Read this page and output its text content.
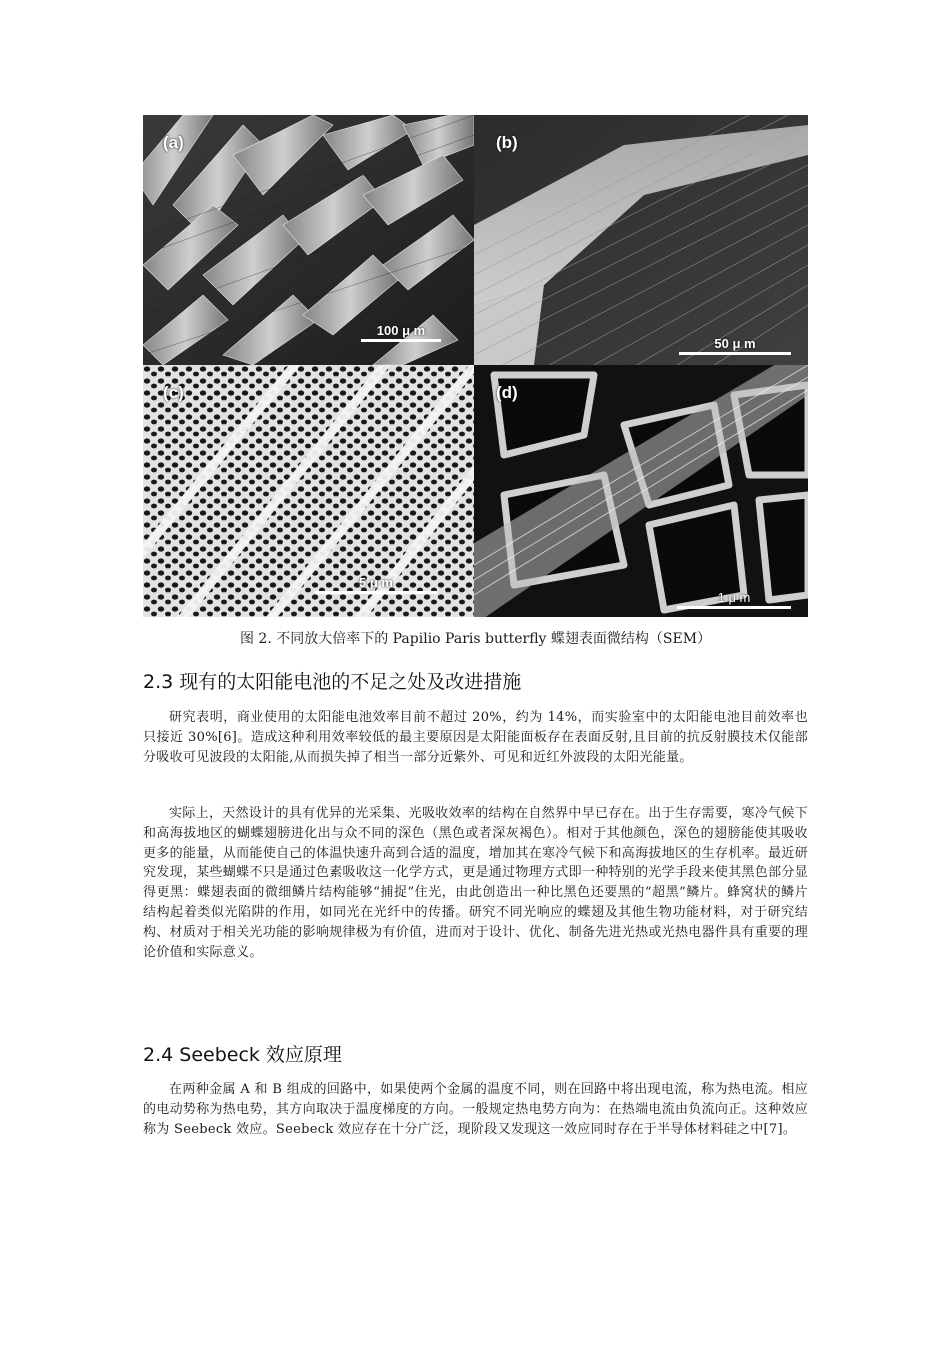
(a)
100 μ m
(b)
50 μ m
(c)
5 μ m
(d)
1 μ m
图 2. 不同放大倍率下的 Papilio Paris butterfly 蝶翅表面微结构（SEM）
2.3 现有的太阳能电池的不足之处及改进措施

研究表明，商业使用的太阳能电池效率目前不超过 20%，约为 14%，而实验室中的太阳能电池目前效率也只接近 30%[6]。造成这种利用效率较低的最主要原因是太阳能面板存在表面反射,且目前的抗反射膜技术仅能部分吸收可见波段的太阳能,从而损失掉了相当一部分近紫外、可见和近红外波段的太阳光能量。

实际上，天然设计的具有优异的光采集、光吸收效率的结构在自然界中早已存在。出于生存需要，寒冷气候下和高海拔地区的蝴蝶翅膀进化出与众不同的深色（黑色或者深灰褐色）。相对于其他颜色，深色的翅膀能使其吸收更多的能量，从而能使自己的体温快速升高到合适的温度，增加其在寒冷气候下和高海拔地区的生存机率。最近研究发现，某些蝴蝶不只是通过色素吸收这一化学方式，更是通过物理方式即一种特别的光学手段来使其黑色部分显得更黑：蝶翅表面的微细鳞片结构能够“捕捉”住光，由此创造出一种比黑色还要黑的“超黑”鳞片。蜂窝状的鳞片结构起着类似光陷阱的作用，如同光在光纤中的传播。研究不同光响应的蝶翅及其他生物功能材料，对于研究结构、材质对于相关光功能的影响规律极为有价值，进而对于设计、优化、制备先进光热或光热电器件具有重要的理论价值和实际意义。

2.4 Seebeck 效应原理

在两种金属 A 和 B 组成的回路中，如果使两个金属的温度不同，则在回路中将出现电流，称为热电流。相应的电动势称为热电势，其方向取决于温度梯度的方向。一般规定热电势方向为：在热端电流由负流向正。这种效应称为 Seebeck 效应。Seebeck 效应存在十分广泛，现阶段又发现这一效应同时存在于半导体材料硅之中[7]。
